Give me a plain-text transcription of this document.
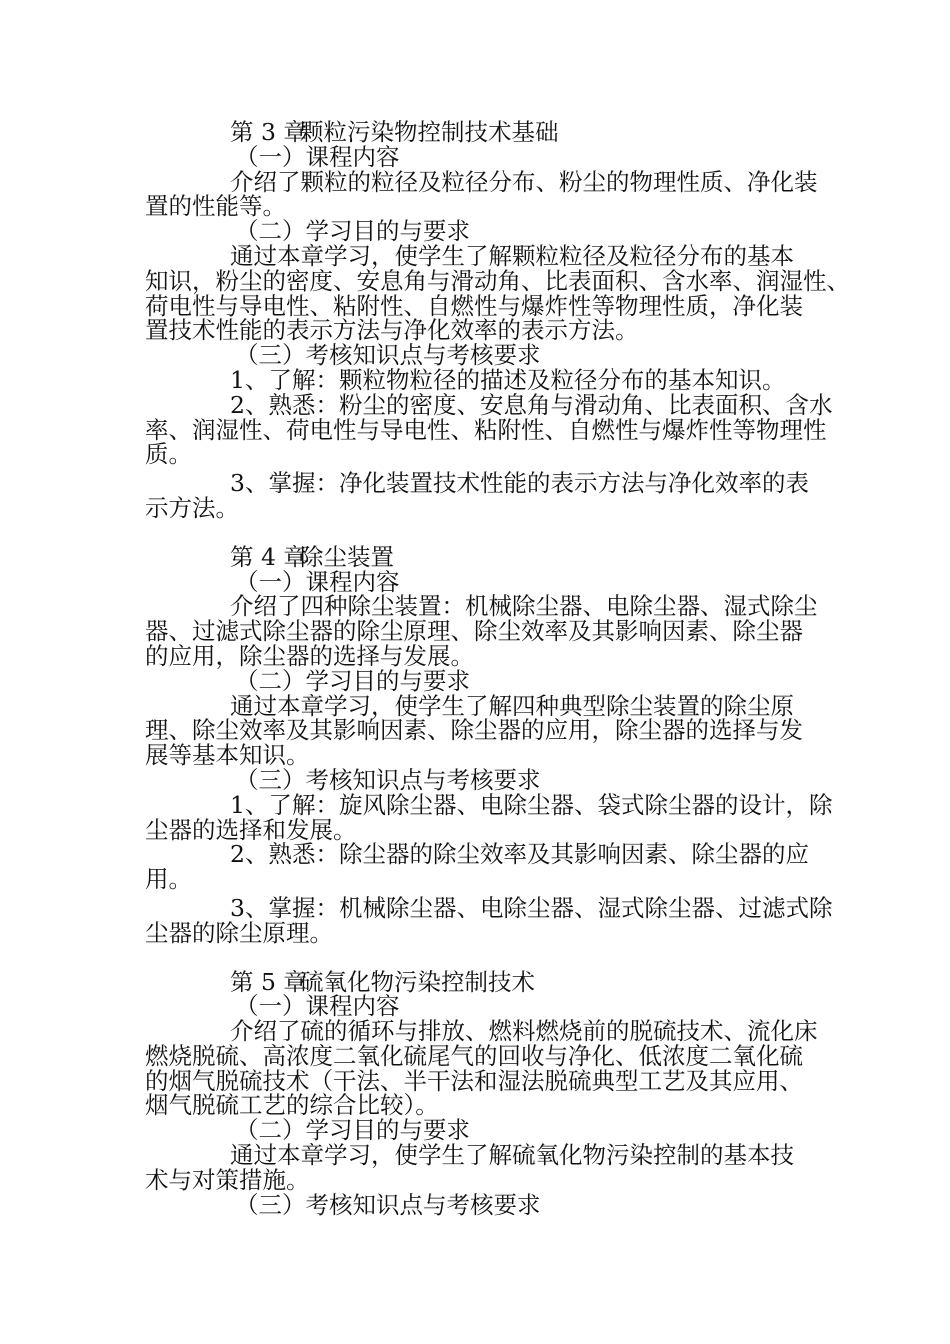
第 3 章颗粒污染物控制技术基础
（一）课程内容
介绍了颗粒的粒径及粒径分布、粉尘的物理性质、净化装
置的性能等。
（二）学习目的与要求
通过本章学习，使学生了解颗粒粒径及粒径分布的基本
知识，粉尘的密度、安息角与滑动角、比表面积、含水率、润湿性、
荷电性与导电性、粘附性、自燃性与爆炸性等物理性质，净化装
置技术性能的表示方法与净化效率的表示方法。
（三）考核知识点与考核要求
1、了解：颗粒物粒径的描述及粒径分布的基本知识。
2、熟悉：粉尘的密度、安息角与滑动角、比表面积、含水
率、润湿性、荷电性与导电性、粘附性、自燃性与爆炸性等物理性
质。
3、掌握：净化装置技术性能的表示方法与净化效率的表
示方法。
第 4 章除尘装置
（一）课程内容
介绍了四种除尘装置：机械除尘器、电除尘器、湿式除尘
器、过滤式除尘器的除尘原理、除尘效率及其影响因素、除尘器
的应用，除尘器的选择与发展。
（二）学习目的与要求
通过本章学习，使学生了解四种典型除尘装置的除尘原
理、除尘效率及其影响因素、除尘器的应用，除尘器的选择与发
展等基本知识。
（三）考核知识点与考核要求
1、了解：旋风除尘器、电除尘器、袋式除尘器的设计，除
尘器的选择和发展。
2、熟悉：除尘器的除尘效率及其影响因素、除尘器的应
用。
3、掌握：机械除尘器、电除尘器、湿式除尘器、过滤式除
尘器的除尘原理。
第 5 章硫氧化物污染控制技术
（一）课程内容
介绍了硫的循环与排放、燃料燃烧前的脱硫技术、流化床
燃烧脱硫、高浓度二氧化硫尾气的回收与净化、低浓度二氧化硫
的烟气脱硫技术（干法、半干法和湿法脱硫典型工艺及其应用、
烟气脱硫工艺的综合比较）。
（二）学习目的与要求
通过本章学习，使学生了解硫氧化物污染控制的基本技
术与对策措施。
（三）考核知识点与考核要求
